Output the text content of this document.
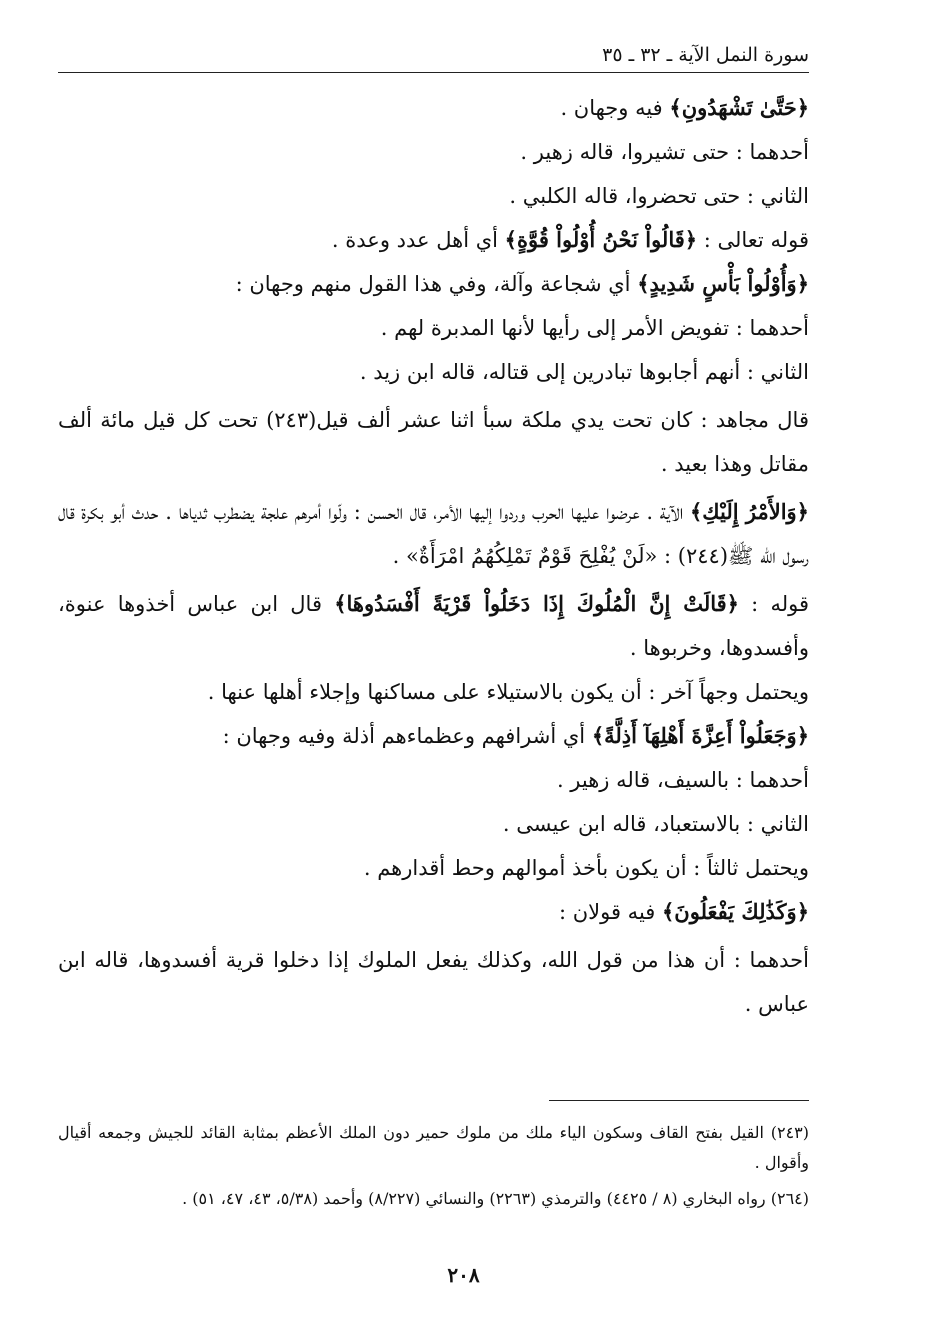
سورة النمل الآية ـ ٣٢ ـ ٣٥

﴿حَتَّىٰ تَشْهَدُونِ﴾ فيه وجهان .

أحدهما : حتى تشيروا، قاله زهير .

الثاني : حتى تحضروا، قاله الكلبي .

قوله تعالى : ﴿قَالُواْ نَحْنُ أُوْلُواْ قُوَّةٍ﴾ أي أهل عدد وعدة .

﴿وَأُوْلُواْ بَأْسٍ شَدِيدٍ﴾ أي شجاعة وآلة، وفي هذا القول منهم وجهان :

أحدهما : تفويض الأمر إلى رأيها لأنها المدبرة لهم .

الثاني : أنهم أجابوها تبادرين إلى قتاله، قاله ابن زيد .

قال مجاهد : كان تحت يدي ملكة سبأ اثنا عشر ألف قيل(٢٤٣) تحت كل قيل مائة ألف مقاتل وهذا بعيد .

﴿وَالأَمْرُ إِلَيْكِ﴾ الآية . عرضوا عليها الحرب وردوا إليها الأمر، قال الحسن : ولّوا أمرهم علجة يضطرب ثدياها . حدث أبو بكرة قال رسول الله ﷺ(٢٤٤) : «لَنْ يُفْلِحَ قَوْمٌ تَمْلِكُهُمُ امْرَأَةٌ» .

قوله : ﴿قَالَتْ إِنَّ الْمُلُوكَ إِذَا دَخَلُواْ قَرْيَةً أَفْسَدُوهَا﴾ قال ابن عباس أخذوها عنوة، وأفسدوها، وخربوها .

ويحتمل وجهاً آخر : أن يكون بالاستيلاء على مساكنها وإجلاء أهلها عنها .

﴿وَجَعَلُواْ أَعِزَّةَ أَهْلِهَآ أَذِلَّةً﴾ أي أشرافهم وعظماءهم أذلة وفيه وجهان :

أحدهما : بالسيف، قاله زهير .

الثاني : بالاستعباد، قاله ابن عيسى .

ويحتمل ثالثاً : أن يكون بأخذ أموالهم وحط أقدارهم .

﴿وَكَذَٰلِكَ يَفْعَلُونَ﴾ فيه قولان :

أحدهما : أن هذا من قول الله، وكذلك يفعل الملوك إذا دخلوا قرية أفسدوها، قاله ابن عباس .

(٢٤٣) القيل بفتح القاف وسكون الياء ملك من ملوك حمير دون الملك الأعظم بمثابة القائد للجيش وجمعه أقيال وأقوال .

(٢٦٤) رواه البخاري (٨ / ٤٤٢٥) والترمذي (٢٢٦٣) والنسائي (٨/٢٢٧) وأحمد (٥/٣٨، ٤٣، ٤٧، ٥١) .

٢٠٨
